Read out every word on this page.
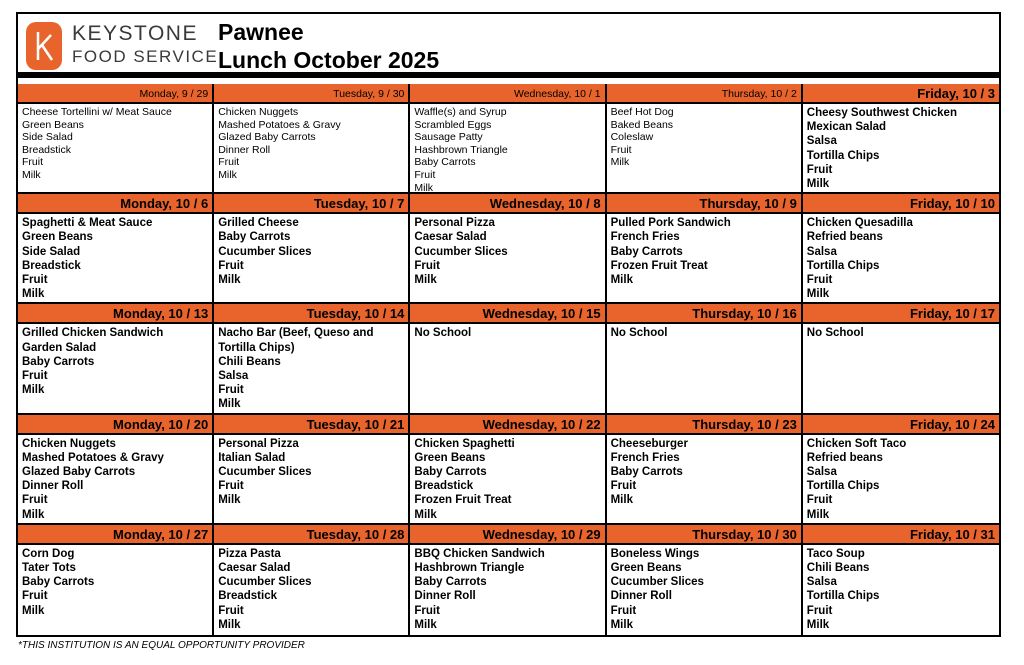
KEYSTONE
FOOD SERVICE
Pawnee
Lunch October 2025
Monday, 9 / 29
Cheese Tortellini w/ Meat Sauce
Green Beans
Side Salad
Breadstick
Fruit
Milk
Tuesday, 9 / 30
Chicken Nuggets
Mashed Potatoes & Gravy
Glazed Baby Carrots
Dinner Roll
Fruit
Milk
Wednesday, 10 / 1
Waffle(s) and Syrup
Scrambled Eggs
Sausage Patty
Hashbrown Triangle
Baby Carrots
Fruit
Milk
Thursday, 10 / 2
Beef Hot Dog
Baked Beans
Coleslaw
Fruit
Milk
Friday, 10 / 3
Cheesy Southwest Chicken
Mexican Salad
Salsa
Tortilla Chips
Fruit
Milk
Monday, 10 / 6
Spaghetti & Meat Sauce
Green Beans
Side Salad
Breadstick
Fruit
Milk
Tuesday, 10 / 7
Grilled Cheese
Baby Carrots
Cucumber Slices
Fruit
Milk
Wednesday, 10 / 8
Personal Pizza
Caesar Salad
Cucumber Slices
Fruit
Milk
Thursday, 10 / 9
Pulled Pork Sandwich
French Fries
Baby Carrots
Frozen Fruit Treat
Milk
Friday, 10 / 10
Chicken Quesadilla
Refried beans
Salsa
Tortilla Chips
Fruit
Milk
Monday, 10 / 13
Grilled Chicken Sandwich
Garden Salad
Baby Carrots
Fruit
Milk
Tuesday, 10 / 14
Nacho Bar (Beef, Queso and Tortilla Chips)
Chili Beans
Salsa
Fruit
Milk
Wednesday, 10 / 15
No School
Thursday, 10 / 16
No School
Friday, 10 / 17
No School
Monday, 10 / 20
Chicken Nuggets
Mashed Potatoes & Gravy
Glazed Baby Carrots
Dinner Roll
Fruit
Milk
Tuesday, 10 / 21
Personal Pizza
Italian Salad
Cucumber Slices
Fruit
Milk
Wednesday, 10 / 22
Chicken Spaghetti
Green Beans
Baby Carrots
Breadstick
Frozen Fruit Treat
Milk
Thursday, 10 / 23
Cheeseburger
French Fries
Baby Carrots
Fruit
Milk
Friday, 10 / 24
Chicken Soft Taco
Refried beans
Salsa
Tortilla Chips
Fruit
Milk
Monday, 10 / 27
Corn Dog
Tater Tots
Baby Carrots
Fruit
Milk
Tuesday, 10 / 28
Pizza Pasta
Caesar Salad
Cucumber Slices
Breadstick
Fruit
Milk
Wednesday, 10 / 29
BBQ Chicken Sandwich
Hashbrown Triangle
Baby Carrots
Dinner Roll
Fruit
Milk
Thursday, 10 / 30
Boneless Wings
Green Beans
Cucumber Slices
Dinner Roll
Fruit
Milk
Friday, 10 / 31
Taco Soup
Chili Beans
Salsa
Tortilla Chips
Fruit
Milk
*THIS INSTITUTION IS AN EQUAL OPPORTUNITY PROVIDER
